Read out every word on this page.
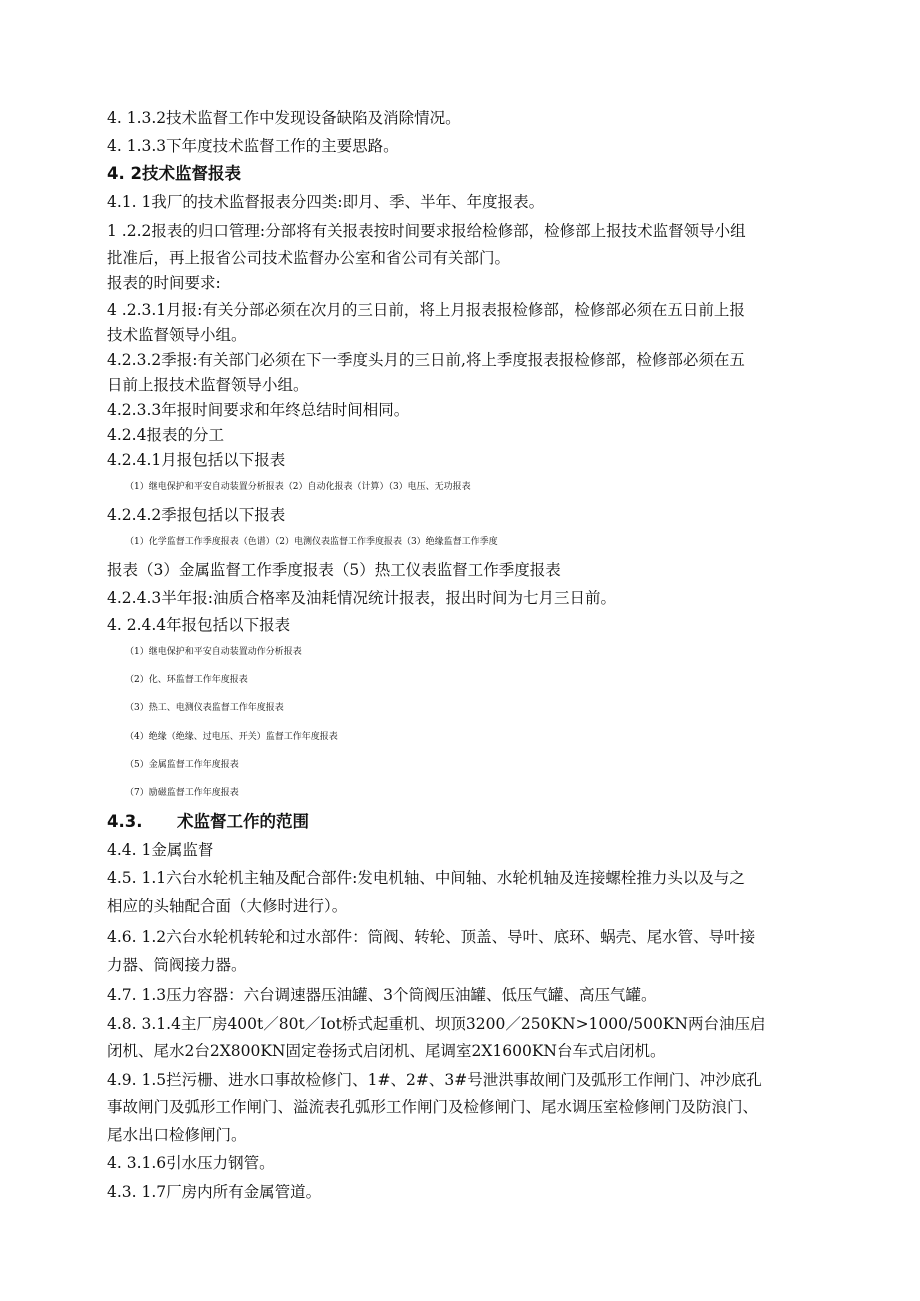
4. 1.3.2技术监督工作中发现设备缺陷及消除情况。
4. 1.3.3下年度技术监督工作的主要思路。
4. 2技术监督报表
4.1. 1我厂的技术监督报表分四类:即月、季、半年、年度报表。
1 .2.2报表的归口管理:分部将有关报表按时间要求报给检修部，检修部上报技术监督领导小组
批准后，再上报省公司技术监督办公室和省公司有关部门。
报表的时间要求:
4 .2.3.1月报:有关分部必须在次月的三日前，将上月报表报检修部，检修部必须在五日前上报
技术监督领导小组。
4.2.3.2季报:有关部门必须在下一季度头月的三日前,将上季度报表报检修部，检修部必须在五
日前上报技术监督领导小组。
4.2.3.3年报时间要求和年终总结时间相同。
4.2.4报表的分工
4.2.4.1月报包括以下报表
（1）继电保护和平安自动装置分析报表（2）自动化报表（计算）（3）电压、无功报表
4.2.4.2季报包括以下报表
（1）化学监督工作季度报表（色谱）（2）电测仪表监督工作季度报表（3）绝缘监督工作季度
报表（3）金属监督工作季度报表（5）热工仪表监督工作季度报表
4.2.4.3半年报:油质合格率及油耗情况统计报表，报出时间为七月三日前。
4. 2.4.4年报包括以下报表
（1）继电保护和平安自动装置动作分析报表
（2）化、环监督工作年度报表
（3）热工、电测仪表监督工作年度报表
（4）绝缘（绝缘、过电压、开关）监督工作年度报表
（5）金属监督工作年度报表
（7）励磁监督工作年度报表
4.3.      术监督工作的范围
4.4. 1金属监督
4.5. 1.1六台水轮机主轴及配合部件:发电机轴、中间轴、水轮机轴及连接螺栓推力头以及与之
相应的头轴配合面（大修时进行）。
4.6. 1.2六台水轮机转轮和过水部件：筒阀、转轮、顶盖、导叶、底环、蜗壳、尾水管、导叶接
力器、筒阀接力器。
4.7. 1.3压力容器：六台调速器压油罐、3个筒阀压油罐、低压气罐、高压气罐。
4.8. 3.1.4主厂房400t／80t／Iot桥式起重机、坝顶3200／250KN>1000/500KN两台油压启
闭机、尾水2台2X800KN固定卷扬式启闭机、尾调室2X1600KN台车式启闭机。
4.9. 1.5拦污栅、进水口事故检修门、1#、2#、3#号泄洪事故闸门及弧形工作闸门、冲沙底孔
事故闸门及弧形工作闸门、溢流表孔弧形工作闸门及检修闸门、尾水调压室检修闸门及防浪门、
尾水出口检修闸门。
4. 3.1.6引水压力钢管。
4.3. 1.7厂房内所有金属管道。
